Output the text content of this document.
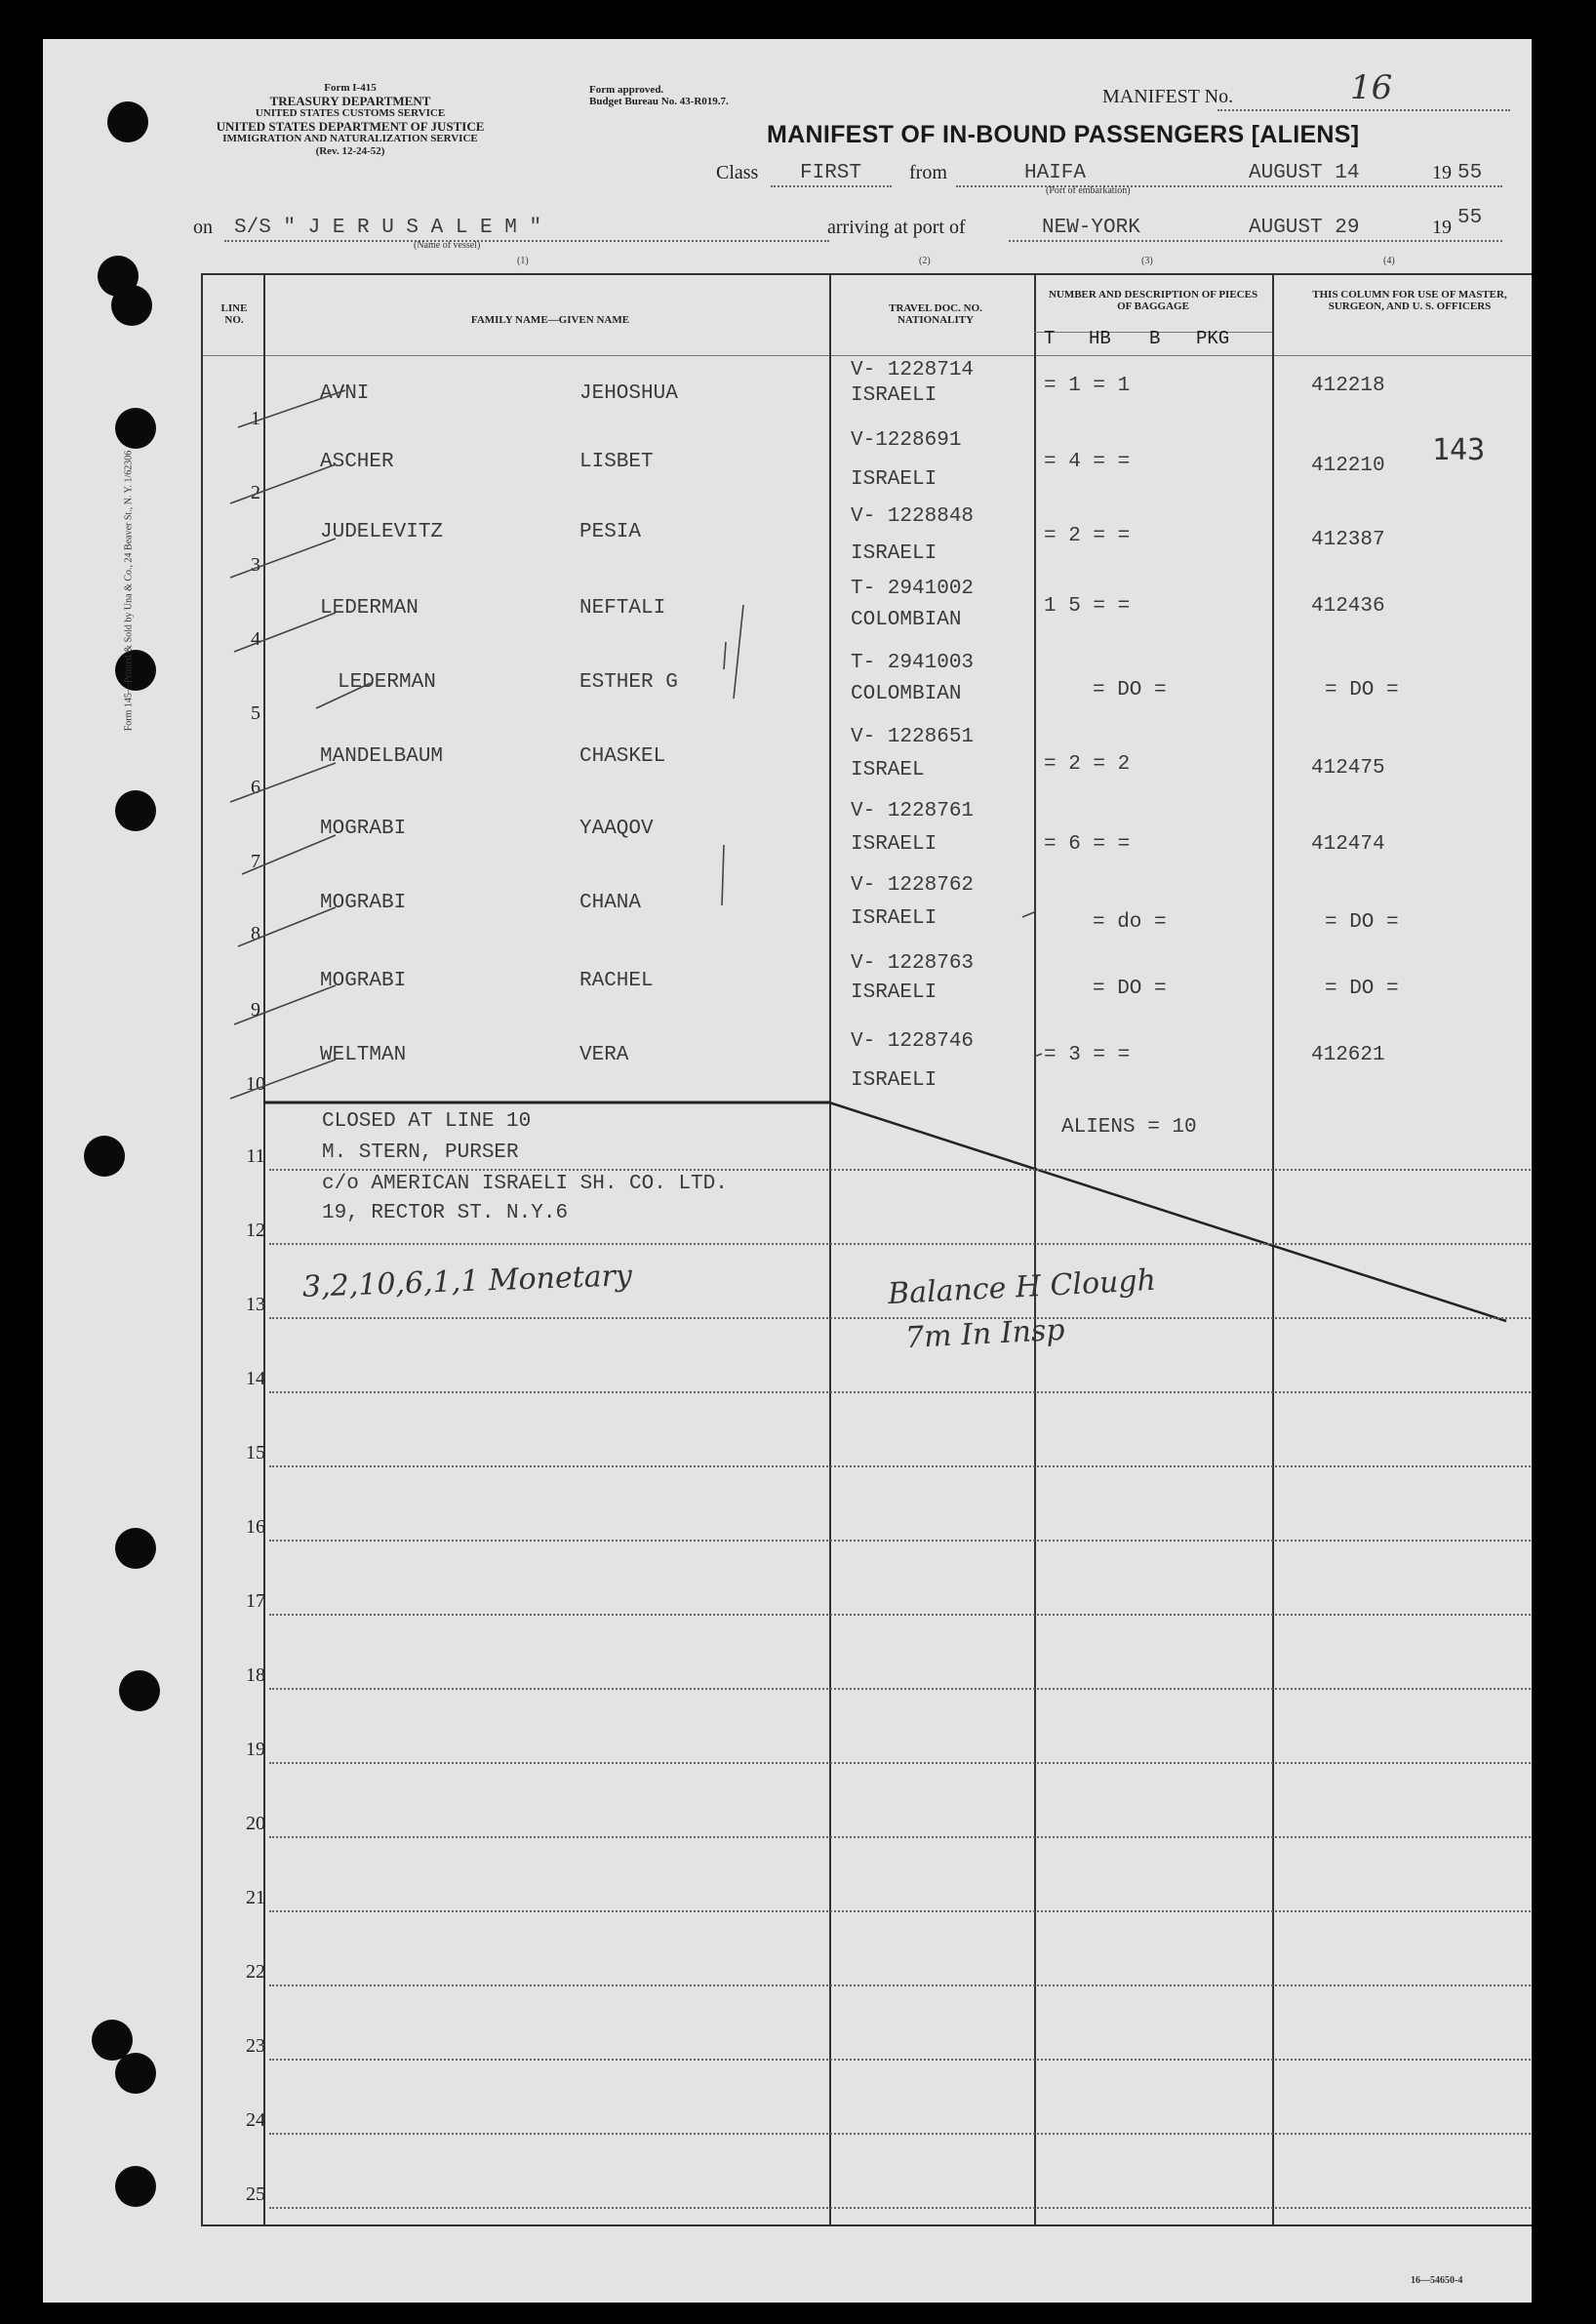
Form 145—Printed & Sold by Una & Co., 24 Beaver St., N. Y. 1/62306
Form I-415
TREASURY DEPARTMENT
UNITED STATES CUSTOMS SERVICE
UNITED STATES DEPARTMENT OF JUSTICE
IMMIGRATION AND NATURALIZATION SERVICE
(Rev. 12-24-52)
Form approved.
Budget Bureau No. 43-R019.7.	MANIFEST No.	16
MANIFEST OF IN-BOUND PASSENGERS [ALIENS]
Class FIRST from	HAIFA
(Port of embarkation)
AUGUST 14	19 55
on S/S " J E R U S A L E M "
(Name of vessel)
arriving at port of	NEW-YORK	AUGUST 29	19 55
(1)	(2)	(3)	(4)
LINE NO.	FAMILY NAME—GIVEN NAME
TRAVEL DOC. NO. NATIONALITY
NUMBER AND DESCRIPTION OF PIECES OF BAGGAGE
THIS COLUMN FOR USE OF MASTER, SURGEON, AND U. S. OFFICERS
T HB B PKG
1
AVNI	JEHOSHUA
V- 1228714
ISRAELI	= 1 = 1	412218
2
ASCHER	LISBET
V-1228691
ISRAELI
= 4 = =	412210
3
JUDELEVITZ	PESIA
V- 1228848
ISRAELI
= 2 = =	412387
4
LEDERMAN	NEFTALI
T- 2941002
COLOMBIAN
1 5 = =	412436
5
LEDERMAN	ESTHER G
T- 2941003
COLOMBIAN	= DO =	= DO =
6
MANDELBAUM	CHASKEL
V- 1228651
ISRAEL	= 2 = 2	412475
7
MOGRABI	YAAQOV
V- 1228761
ISRAELI	= 6 = =	412474
8
MOGRABI	CHANA
V- 1228762
ISRAELI	= do =	= DO =
9
MOGRABI	RACHEL
V- 1228763
ISRAELI	= DO =	= DO =
10
WELTMAN	VERA
V- 1228746
ISRAELI
= 3 = =	412621
11
12
13
14
15
16
17
18
19
20
21
22
23
24
25
CLOSED AT LINE 10
M. STERN, PURSER
c/o AMERICAN ISRAELI SH. CO. LTD.
19, RECTOR ST. N.Y.6
ALIENS = 10
3,2,10,6,1,1 Monetary	Balance H Clough
7m In Insp
143
16—54650-4
